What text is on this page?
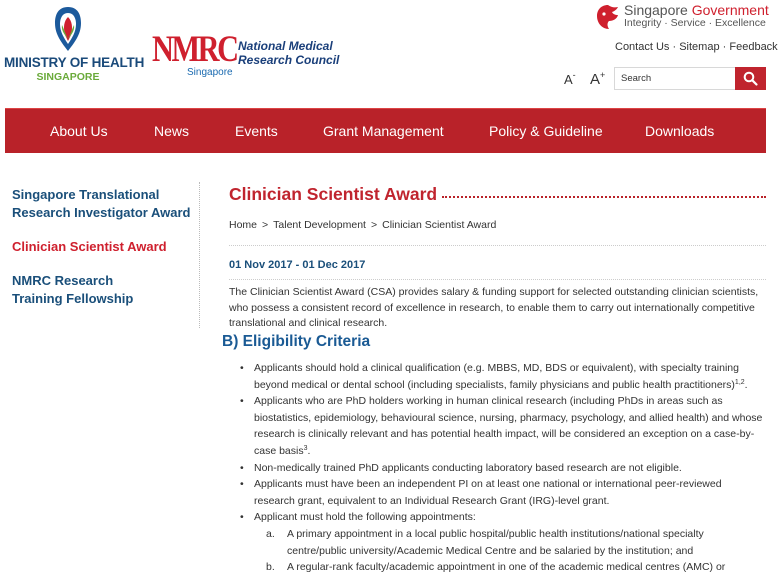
MINISTRY OF HEALTH
SINGAPORE
NMRC
Singapore
National Medical
Research Council
Singapore Government
Integrity · Service · Excellence
Contact Us · Sitemap · Feedback
A- A+
Search
About Us	News	Events	Grant Management	Policy & Guideline	Downloads
Singapore Translational Research Investigator Award
Clinician Scientist Award
NMRC Research Training Fellowship
Clinician Scientist Award
Home > Talent Development > Clinician Scientist Award
01 Nov 2017 - 01 Dec 2017
The Clinician Scientist Award (CSA) provides salary & funding support for selected outstanding clinician scientists, who possess a consistent record of excellence in research, to enable them to carry out internationally competitive translational and clinical research.
B) Eligibility Criteria
• Applicants should hold a clinical qualification (e.g. MBBS, MD, BDS or equivalent), with specialty training beyond medical or dental school (including specialists, family physicians and public health practitioners)$^{1,2}$.
• Applicants who are PhD holders working in human clinical research (including PhDs in areas such as biostatistics, epidemiology, behavioural science, nursing, pharmacy, psychology, and allied health) and whose research is clinically relevant and has potential health impact, will be considered an exception on a case-by-case basis$^3$.
• Non-medically trained PhD applicants conducting laboratory based research are not eligible.
• Applicants must have been an independent PI on at least one national or international peer-reviewed research grant, equivalent to an Individual Research Grant (IRG)-level grant.
• Applicant must hold the following appointments:
a. A primary appointment in a local public hospital/public health institutions/national specialty centre/public university/Academic Medical Centre and be salaried by the institution; and
b. A regular-rank faculty/academic appointment in one of the academic medical centres (AMC) or
